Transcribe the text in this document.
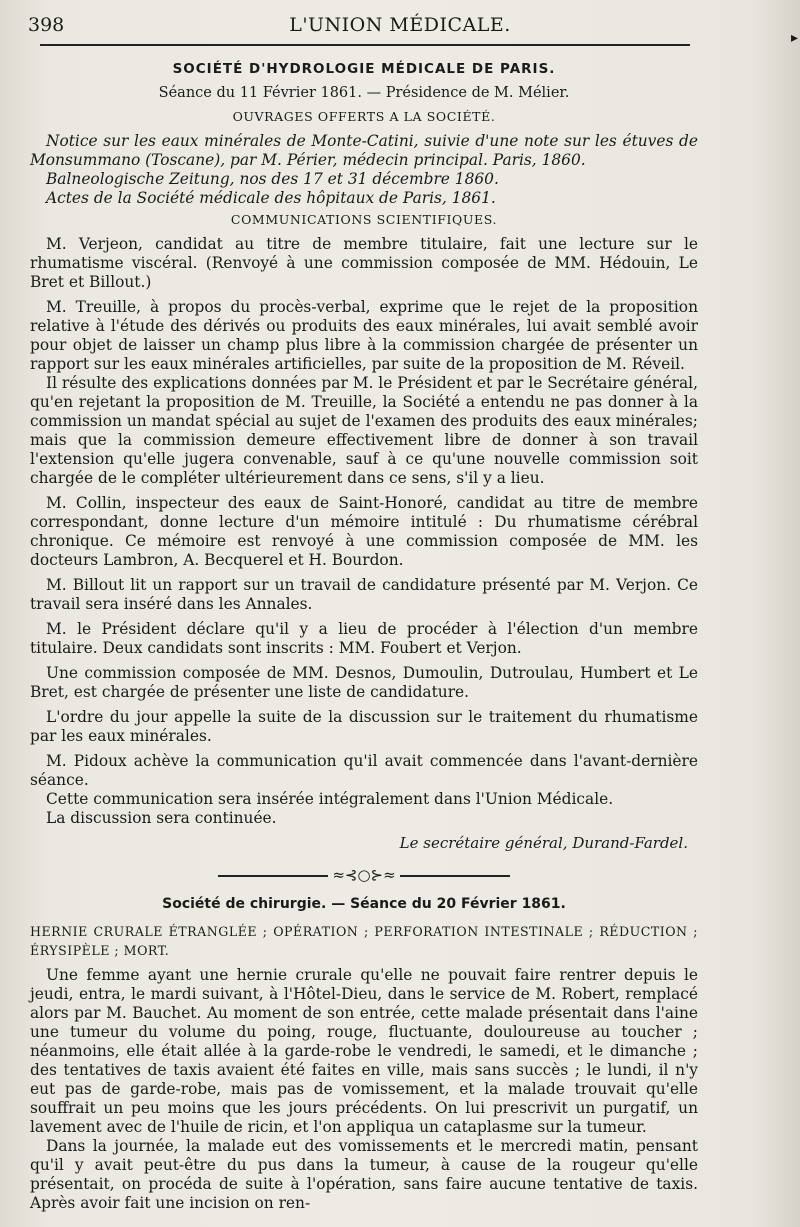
398	L'UNION MÉDICALE.
▸
SOCIÉTÉ D'HYDROLOGIE MÉDICALE DE PARIS.
Séance du 11 Février 1861. — Présidence de M. Mélier.
OUVRAGES OFFERTS A LA SOCIÉTÉ.

Notice sur les eaux minérales de Monte-Catini, suivie d'une note sur les étuves de Monsummano (Toscane), par M. Périer, médecin principal. Paris, 1860.

Balneologische Zeitung, nos des 17 et 31 décembre 1860.

Actes de la Société médicale des hôpitaux de Paris, 1861.

COMMUNICATIONS SCIENTIFIQUES.

M. Verjeon, candidat au titre de membre titulaire, fait une lecture sur le rhumatisme viscéral. (Renvoyé à une commission composée de MM. Hédouin, Le Bret et Billout.)

M. Treuille, à propos du procès-verbal, exprime que le rejet de la proposition relative à l'étude des dérivés ou produits des eaux minérales, lui avait semblé avoir pour objet de laisser un champ plus libre à la commission chargée de présenter un rapport sur les eaux minérales artificielles, par suite de la proposition de M. Réveil.

Il résulte des explications données par M. le Président et par le Secrétaire général, qu'en rejetant la proposition de M. Treuille, la Société a entendu ne pas donner à la commission un mandat spécial au sujet de l'examen des produits des eaux minérales; mais que la commission demeure effectivement libre de donner à son travail l'extension qu'elle jugera convenable, sauf à ce qu'une nouvelle commission soit chargée de le compléter ultérieurement dans ce sens, s'il y a lieu.

M. Collin, inspecteur des eaux de Saint-Honoré, candidat au titre de membre correspondant, donne lecture d'un mémoire intitulé : Du rhumatisme cérébral chronique. Ce mémoire est renvoyé à une commission composée de MM. les docteurs Lambron, A. Becquerel et H. Bourdon.

M. Billout lit un rapport sur un travail de candidature présenté par M. Verjon. Ce travail sera inséré dans les Annales.

M. le Président déclare qu'il y a lieu de procéder à l'élection d'un membre titulaire. Deux candidats sont inscrits : MM. Foubert et Verjon.

Une commission composée de MM. Desnos, Dumoulin, Dutroulau, Humbert et Le Bret, est chargée de présenter une liste de candidature.

L'ordre du jour appelle la suite de la discussion sur le traitement du rhumatisme par les eaux minérales.

M. Pidoux achève la communication qu'il avait commencée dans l'avant-dernière séance.

Cette communication sera insérée intégralement dans l'Union Médicale.

La discussion sera continuée.

Le secrétaire général, Durand-Fardel.
≈⊰○⊱≈
Société de chirurgie. — Séance du 20 Février 1861.
HERNIE CRURALE ÉTRANGLÉE ; OPÉRATION ; PERFORATION INTESTINALE ; RÉDUCTION ; ÉRYSIPÈLE ; MORT.

Une femme ayant une hernie crurale qu'elle ne pouvait faire rentrer depuis le jeudi, entra, le mardi suivant, à l'Hôtel-Dieu, dans le service de M. Robert, remplacé alors par M. Bauchet. Au moment de son entrée, cette malade présentait dans l'aine une tumeur du volume du poing, rouge, fluctuante, douloureuse au toucher ; néanmoins, elle était allée à la garde-robe le vendredi, le samedi, et le dimanche ; des tentatives de taxis avaient été faites en ville, mais sans succès ; le lundi, il n'y eut pas de garde-robe, mais pas de vomissement, et la malade trouvait qu'elle souffrait un peu moins que les jours précédents. On lui prescrivit un purgatif, un lavement avec de l'huile de ricin, et l'on appliqua un cataplasme sur la tumeur.

Dans la journée, la malade eut des vomissements et le mercredi matin, pensant qu'il y avait peut-être du pus dans la tumeur, à cause de la rougeur qu'elle présentait, on procéda de suite à l'opération, sans faire aucune tentative de taxis. Après avoir fait une incision on ren-
